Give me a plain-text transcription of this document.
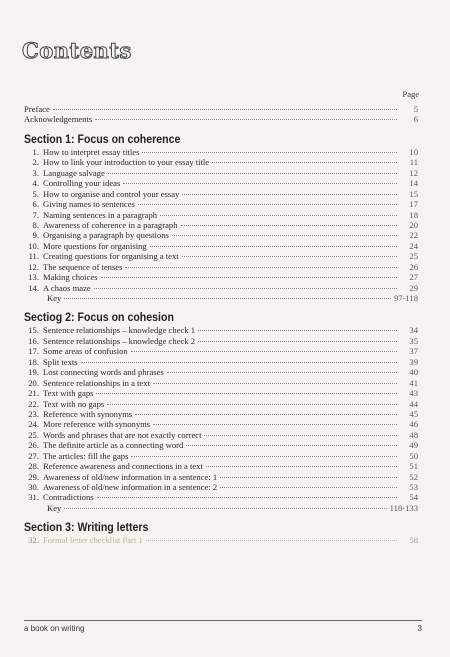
Contents
Page
Preface	5
Acknowledgements	6
Section 1: Focus on coherence
1. How to interpret essay titles	10
2. How to link your introduction to your essay title	11
3. Language salvage	12
4. Controlling your ideas	14
5. How to organise and control your essay	15
6. Giving names to sentences	17
7. Naming sentences in a paragraph	18
8. Awareness of coherence in a paragraph	20
9. Organising a paragraph by questions	22
10. More questions for organising	24
11. Creating questions for organising a text	25
12. The sequence of tenses	26
13. Making choices	27
14. A chaos maze	29
Key	97-118
Sectiog 2: Focus on cohesion
15. Sentence relationships – knowledge check 1	34
16. Sentence relationships – knowledge check 2	35
17. Some areas of confusion	37
18. Split texts	39
19. Lost connecting words and phrases	40
20. Sentence relationships in a text	41
21. Text with gaps	43
22. Text with no gaps	44
23. Reference with synonyms	45
24. More reference with synonyms	46
25. Words and phrases that are not exactly correct	48
26. The definite article as a connecting word	49
27. The articles: fill the gaps	50
28. Reference awareness and connections in a text	51
29. Awareness of old/new information in a sentence: 1	52
30. Awareness of old/new information in a sentence: 2	53
31. Contradictions	54
Key	118-133
Section 3: Writing letters
32. Formal letter checklist Part 1	58
a book on writing	3
